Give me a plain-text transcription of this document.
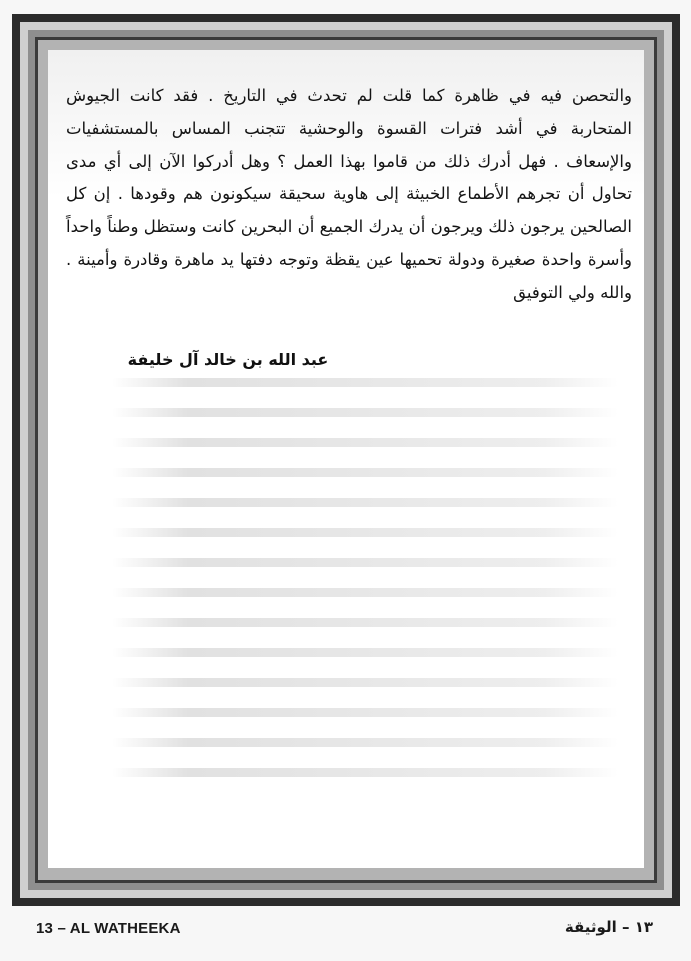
والتحصن فيه في ظاهرة كما قلت لم تحدث في التاريخ . فقد كانت الجيوش المتحاربة في أشد فترات القسوة والوحشية تتجنب المساس بالمستشفيات والإسعاف . فهل أدرك ذلك من قاموا بهذا العمل ؟ وهل أدركوا الآن إلى أي مدى تحاول أن تجرهم الأطماع الخبيثة إلى هاوية سحيقة سيكونون هم وقودها . إن كل الصالحين يرجون ذلك ويرجون أن يدرك الجميع أن البحرين كانت وستظل وطناً واحداً وأسرة واحدة صغيرة ودولة تحميها عين يقظة وتوجه دفتها يد ماهرة وقادرة وأمينة . والله ولي التوفيق

عبد الله بن خالد آل خليفة
13 – AL WATHEEKA	١٣ – الوثيقة
